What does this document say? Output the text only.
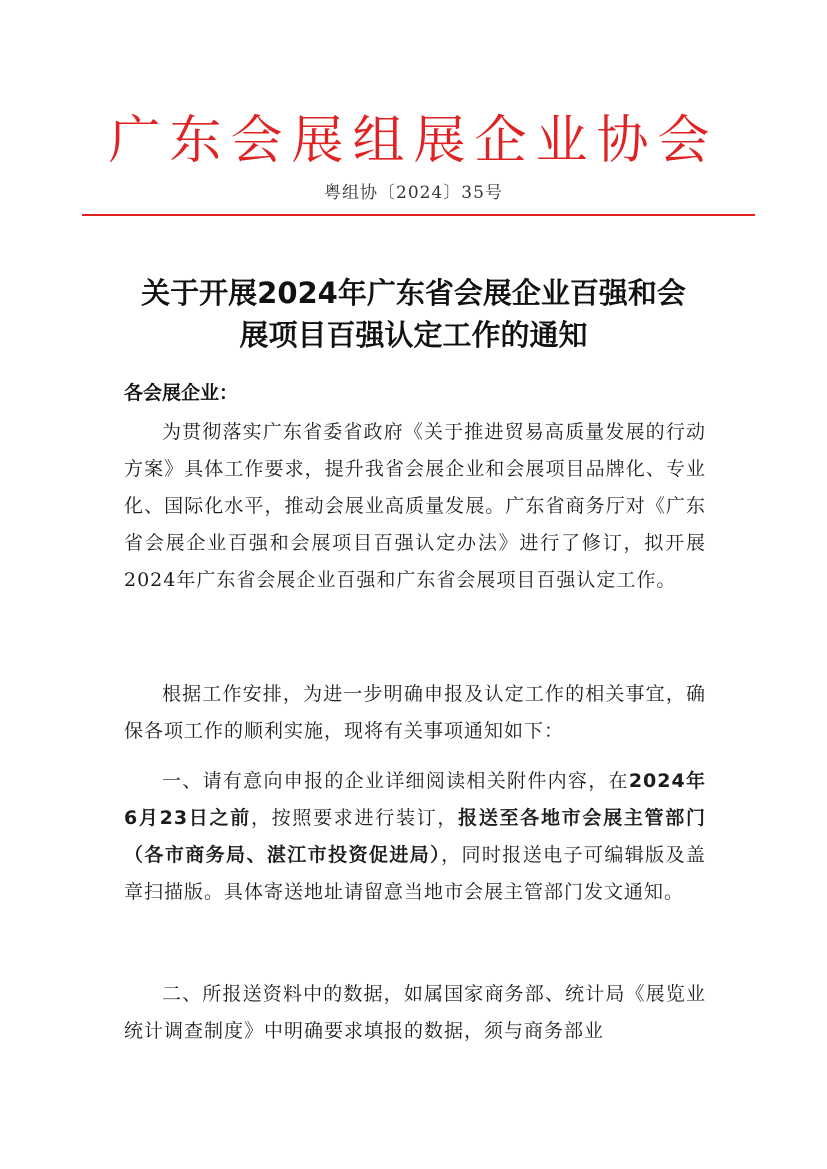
广东会展组展企业协会
粤组协〔2024〕35号
关于开展2024年广东省会展企业百强和会
展项目百强认定工作的通知
各会展企业：

为贯彻落实广东省委省政府《关于推进贸易高质量发展的行动方案》具体工作要求，提升我省会展企业和会展项目品牌化、专业化、国际化水平，推动会展业高质量发展。广东省商务厅对《广东省会展企业百强和会展项目百强认定办法》进行了修订，拟开展2024年广东省会展企业百强和广东省会展项目百强认定工作。

根据工作安排，为进一步明确申报及认定工作的相关事宜，确保各项工作的顺利实施，现将有关事项通知如下：

一、请有意向申报的企业详细阅读相关附件内容，在2024年6月23日之前，按照要求进行装订，报送至各地市会展主管部门（各市商务局、湛江市投资促进局），同时报送电子可编辑版及盖章扫描版。具体寄送地址请留意当地市会展主管部门发文通知。

二、所报送资料中的数据，如属国家商务部、统计局《展览业统计调查制度》中明确要求填报的数据，须与商务部业
